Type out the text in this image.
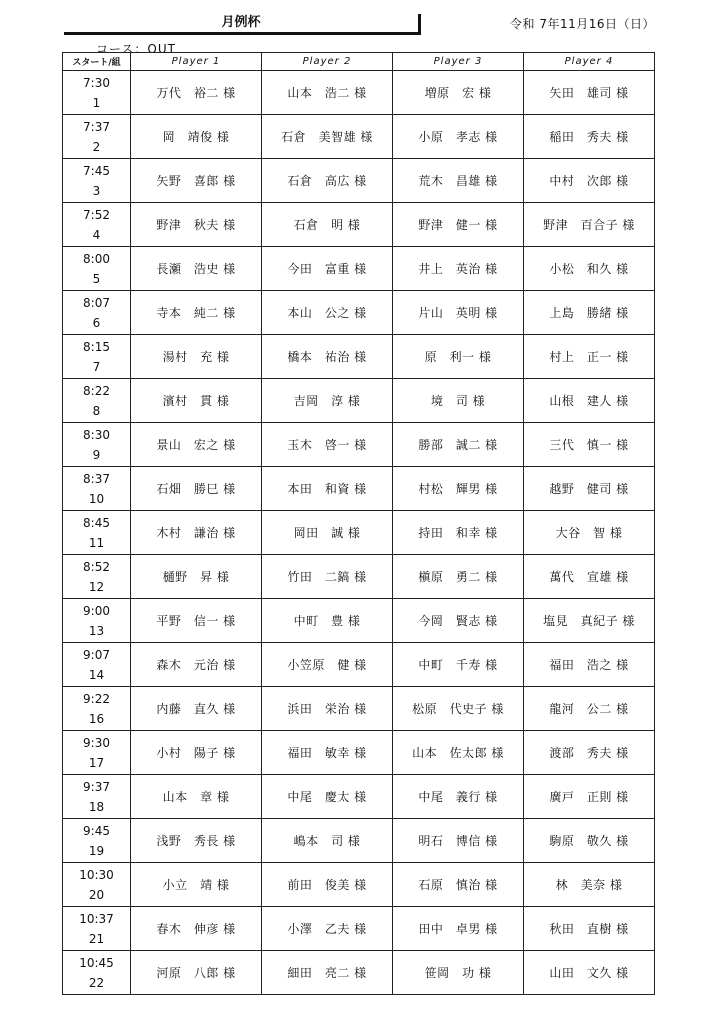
月例杯	令和 7年11月16日（日）
コース：OUT
スタート/組	Player 1	Player 2	Player 3	Player 4

7:30
1	万代　裕二 様	山本　浩二 様	増原　宏 様	矢田　雄司 様

7:37
2	岡　靖俊 様	石倉　美智雄 様	小原　孝志 様	稲田　秀夫 様

7:45
3	矢野　喜郎 様	石倉　高広 様	荒木　昌雄 様	中村　次郎 様

7:52
4	野津　秋夫 様	石倉　明 様	野津　健一 様	野津　百合子 様

8:00
5	長瀬　浩史 様	今田　富重 様	井上　英治 様	小松　和久 様

8:07
6	寺本　純二 様	本山　公之 様	片山　英明 様	上島　勝緒 様

8:15
7	湯村　充 様	橋本　祐治 様	原　利一 様	村上　正一 様

8:22
8	濱村　貫 様	吉岡　淳 様	境　司 様	山根　建人 様

8:30
9	景山　宏之 様	玉木　啓一 様	勝部　誠二 様	三代　慎一 様

8:37
10	石畑　勝巳 様	本田　和資 様	村松　輝男 様	越野　健司 様

8:45
11	木村　謙治 様	岡田　誠 様	持田　和幸 様	大谷　智 様

8:52
12	樋野　昇 様	竹田　二鎬 様	槇原　勇二 様	萬代　宣雄 様

9:00
13	平野　信一 様	中町　豊 様	今岡　賢志 様	塩見　真紀子 様

9:07
14	森木　元治 様	小笠原　健 様	中町　千寿 様	福田　浩之 様

9:22
16	内藤　直久 様	浜田　栄治 様	松原　代史子 様	龍河　公二 様

9:30
17	小村　陽子 様	福田　敏幸 様	山本　佐太郎 様	渡部　秀夫 様

9:37
18	山本　章 様	中尾　慶太 様	中尾　義行 様	廣戸　正則 様

9:45
19	浅野　秀長 様	嶋本　司 様	明石　博信 様	駒原　敬久 様

10:30
20	小立　靖 様	前田　俊美 様	石原　慎治 様	林　美奈 様

10:37
21	春木　伸彦 様	小澤　乙夫 様	田中　卓男 様	秋田　直樹 様

10:45
22	河原　八郎 様	細田　亮二 様	笹岡　功 様	山田　文久 様
